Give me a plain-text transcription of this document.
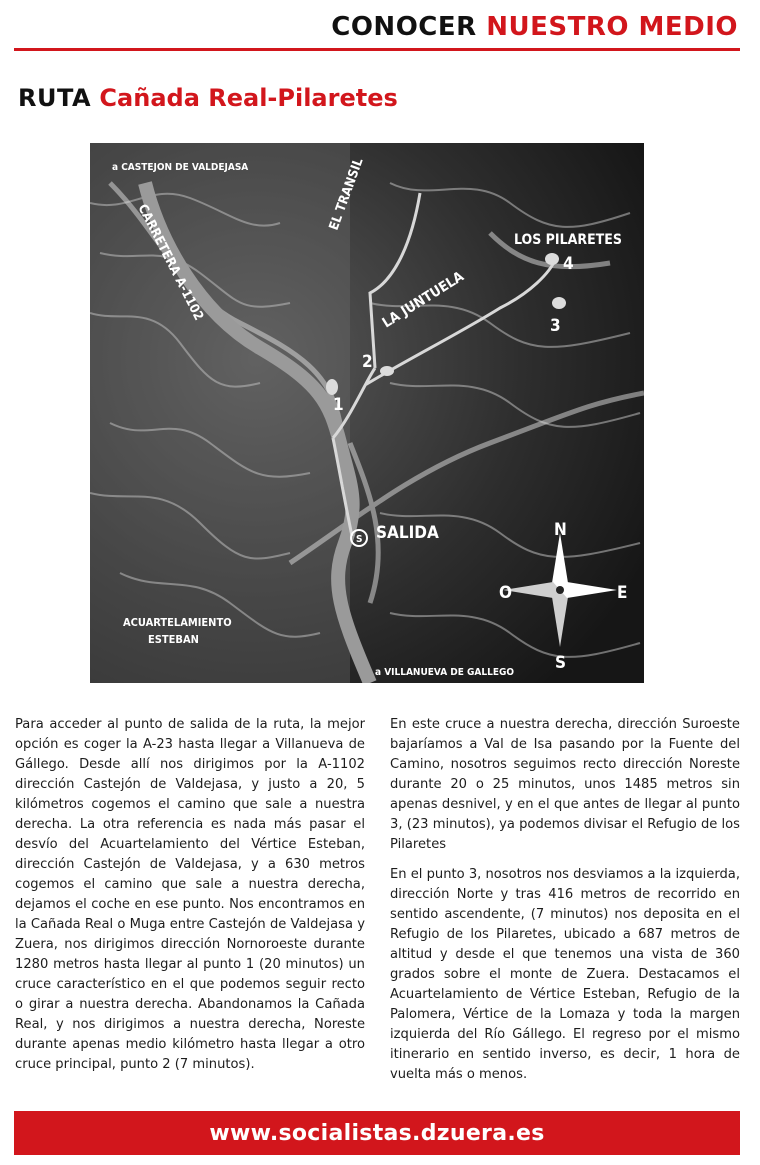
CONOCER NUESTRO MEDIO
RUTA Cañada Real-Pilaretes
a CASTEJON DE VALDEJASA
CARRETERA A-1102
EL TRANSIL
LA JUNTUELA
LOS PILARETES
1
2
3
4
S SALIDA
ACUARTELAMIENTO
ESTEBAN
a VILLANUEVA DE GALLEGO
N
S
E
O

Para acceder al punto de salida de la ruta, la mejor opción es coger la A-23 hasta llegar a Villanueva de Gállego. Desde allí nos dirigimos por la A-1102 dirección Castejón de Valdejasa, y justo a 20, 5 kilómetros cogemos el camino que sale a nuestra derecha. La otra referencia es nada más pasar el desvío del Acuartelamiento del Vértice Esteban, dirección Castejón de Valdejasa, y a 630 metros cogemos el camino que sale a nuestra derecha, dejamos el coche en ese punto. Nos encontramos en la Cañada Real o Muga entre Castejón de Valdejasa y Zuera, nos dirigimos dirección Nornoroeste durante 1280 metros hasta llegar al punto 1 (20 minutos) un cruce característico en el que podemos seguir recto o girar a nuestra derecha. Abandonamos la Cañada Real, y nos dirigimos a nuestra derecha, Noreste durante apenas medio kilómetro hasta llegar a otro cruce principal, punto 2 (7 minutos).

En este cruce a nuestra derecha, dirección Suroeste bajaríamos a Val de Isa pasando por la Fuente del Camino, nosotros seguimos recto dirección Noreste durante 20 o 25 minutos, unos 1485 metros sin apenas desnivel, y en el que antes de llegar al punto 3, (23 minutos), ya podemos divisar el Refugio de los Pilaretes

En el punto 3, nosotros nos desviamos a la izquierda, dirección Norte y tras 416 metros de recorrido en sentido ascendente, (7 minutos) nos deposita en el Refugio de los Pilaretes, ubicado a 687 metros de altitud y desde el que tenemos una vista de 360 grados sobre el monte de Zuera. Destacamos el Acuartelamiento de Vértice Esteban, Refugio de la Palomera, Vértice de la Lomaza y toda la margen izquierda del Río Gállego. El regreso por el mismo itinerario en sentido inverso, es decir, 1 hora de vuelta más o menos.

www.socialistas.dzuera.es
